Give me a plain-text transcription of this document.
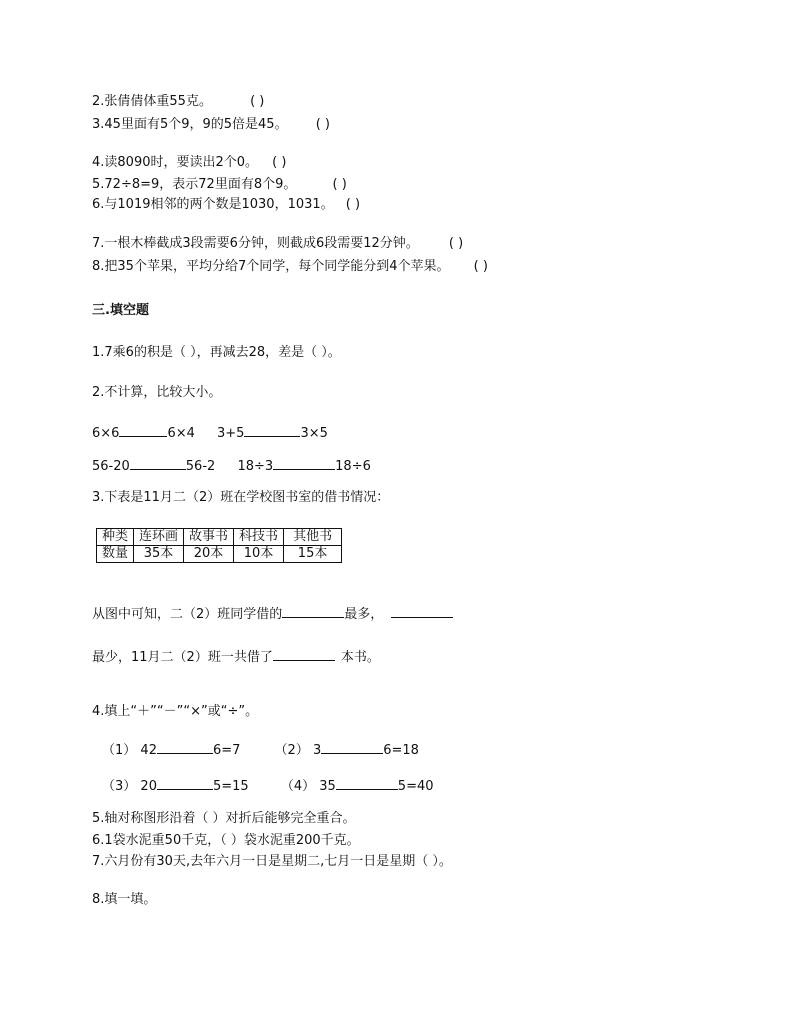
2.张倩倩体重55克。	( )
3.45里面有5个9，9的5倍是45。 ( )
4.读8090时，要读出2个0。 ( )
5.72÷8=9，表示72里面有8个9。	( )
6.与1019相邻的两个数是1030，1031。 ( )
7.一根木棒截成3段需要6分钟，则截成6段需要12分钟。 ( )
8.把35个苹果，平均分给7个同学，每个同学能分到4个苹果。 ( )
三.填空题
1.7乘6的积是（ ），再减去28，差是（ ）。
2.不计算，比较大小。
6×6	6×4 3+5	3×5
56-20	56-2 18÷3	18÷6
3.下表是11月二（2）班在学校图书室的借书情况：
种类	连环画	故事书	科技书	其他书
数量	35本	20本	10本	15本
从图中可知，二（2）班同学借的	最多，
最少，11月二（2）班一共借了	本书。
4.填上“＋”“－”“×”或“÷”。
（1） 42	6=7	（2） 3	6=18
（3） 20	5=15 （4） 35	5=40
5.轴对称图形沿着（ ）对折后能够完全重合。
6.1袋水泥重50千克，（ ）袋水泥重200千克。
7.六月份有30天,去年六月一日是星期二,七月一日是星期（ ）。
8.填一填。
